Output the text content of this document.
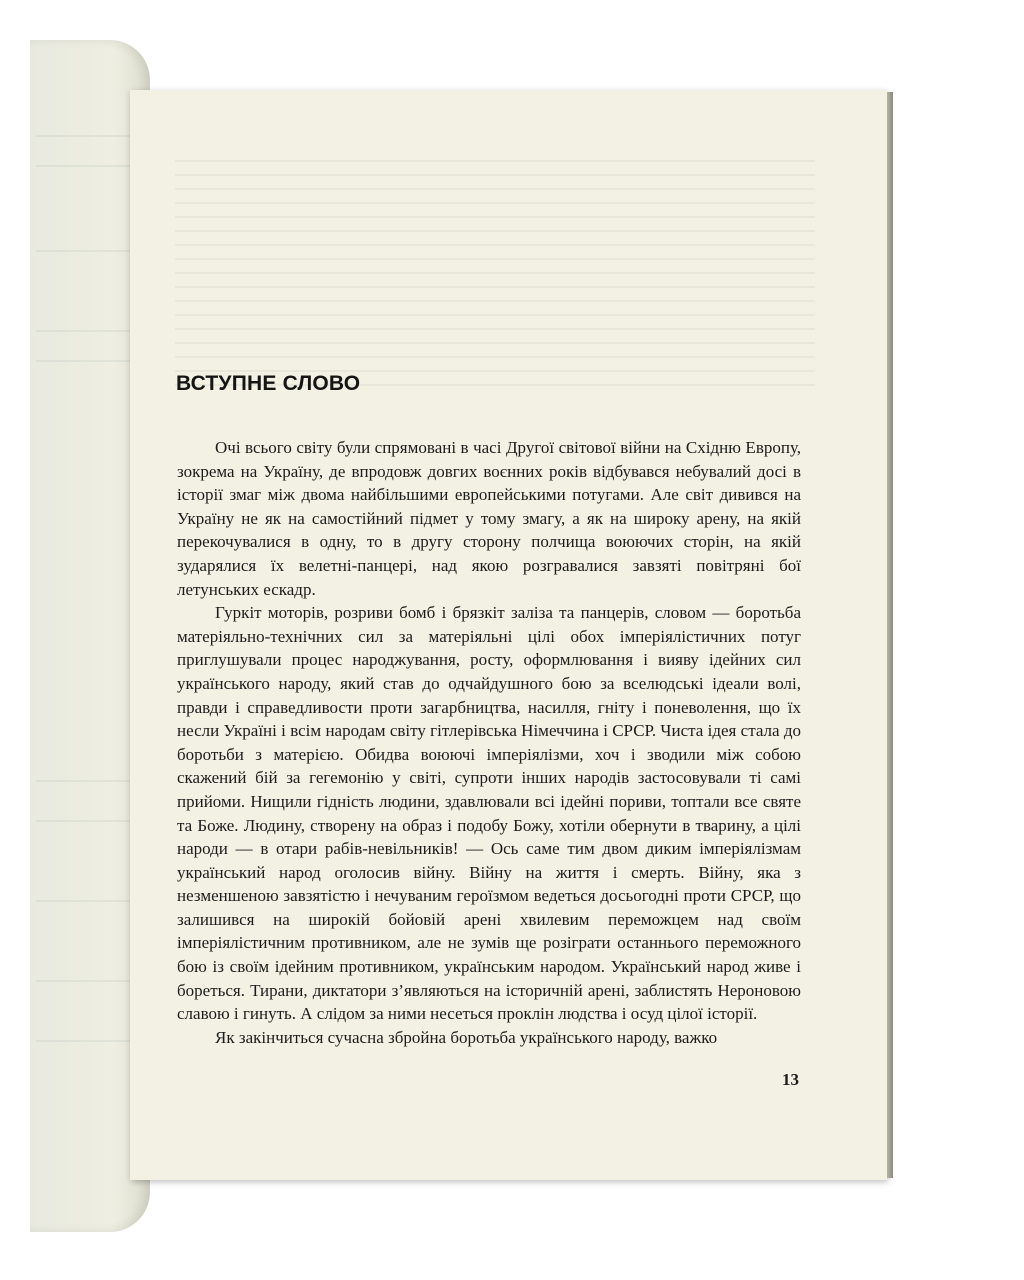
ВСТУПНЕ СЛОВО

Очі всього світу були спрямовані в часі Другої світової війни на Східню Европу, зокрема на Україну, де впродовж довгих воєнних років відбувався небувалий досі в історії змаг між двома найбільшими европейськими потугами. Але світ дивився на Україну не як на самостійний підмет у тому змагу, а як на широку арену, на якій перекочувалися в одну, то в другу сторону полчища воюючих сторін, на якій зударялися їх велетні-панцері, над якою розгравалися завзяті повітряні бої летунських ескадр.

Гуркіт моторів, розриви бомб і брязкіт заліза та панцерів, словом — боротьба матеріяльно-технічних сил за матеріяльні цілі обох імперіялістичних потуг приглушували процес народжування, росту, оформлювання і вияву ідейних сил українського народу, який став до одчайдушного бою за вселюдські ідеали волі, правди і справедливости проти загарбництва, насилля, гніту і поневолення, що їх несли Україні і всім народам світу гітлерівська Німеччина і СРСР. Чиста ідея стала до боротьби з матерією. Обидва воюючі імперіялізми, хоч і зводили між собою скажений бій за гегемонію у світі, супроти інших народів застосовували ті самі прийоми. Нищили гідність людини, здавлювали всі ідейні пориви, топтали все святе та Боже. Людину, створену на образ і подобу Божу, хотіли обернути в тварину, а цілі народи — в отари рабів-невільників! — Ось саме тим двом диким імперіялізмам український народ оголосив війну. Війну на життя і смерть. Війну, яка з незменшеною завзятістю і нечуваним героїзмом ведеться досьогодні проти СРСР, що залишився на широкій бойовій арені хвилевим переможцем над своїм імперіялістичним противником, але не зумів ще розіграти останнього переможного бою із своїм ідейним противником, українським народом. Український народ живе і бореться. Тирани, диктатори з’являються на історичній арені, заблистять Нероновою славою і гинуть. А слідом за ними несеться проклін людства і осуд цілої історії.

Як закінчиться сучасна збройна боротьба українського народу, важко

13
